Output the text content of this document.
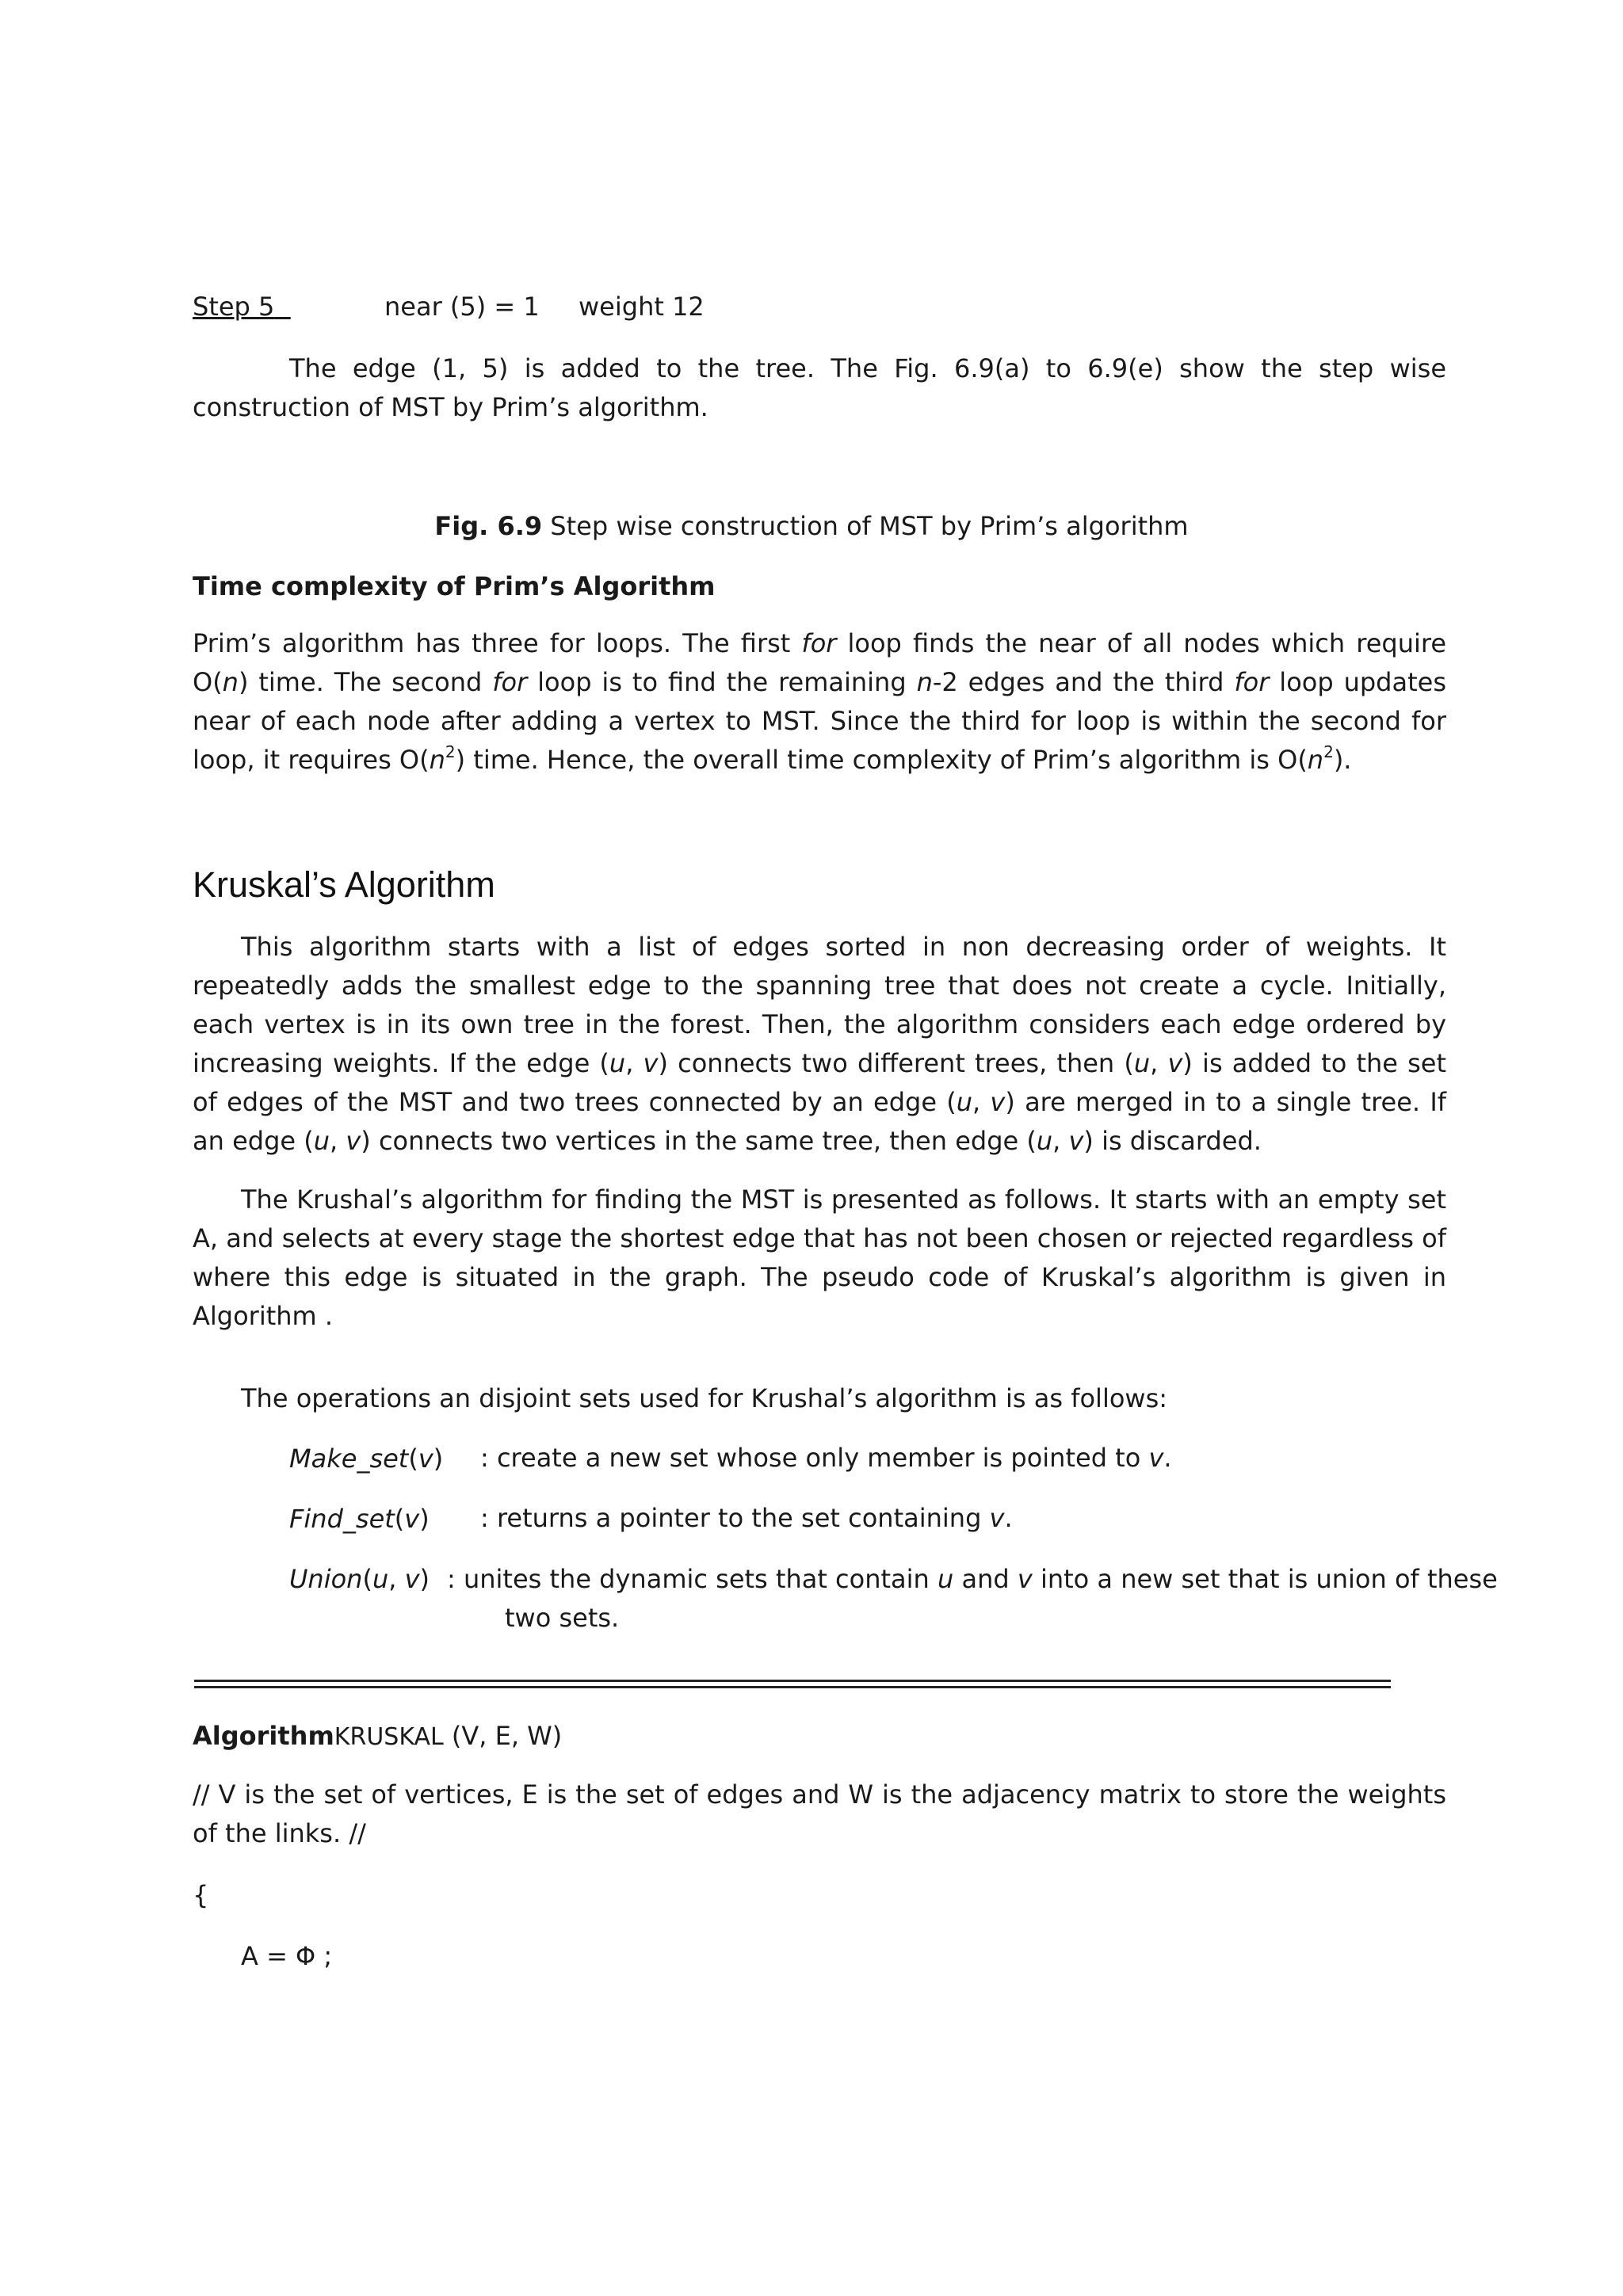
Step 5	near (5) = 1 weight 12
The edge (1, 5) is added to the tree. The Fig. 6.9(a) to 6.9(e) show the step wise construction of MST by Prim’s algorithm.
Fig. 6.9 Step wise construction of MST by Prim’s algorithm
Time complexity of Prim’s Algorithm
Prim’s algorithm has three for loops. The first for loop finds the near of all nodes which require O(n) time. The second for loop is to find the remaining n-2 edges and the third for loop updates near of each node after adding a vertex to MST. Since the third for loop is within the second for loop, it requires $O(n^2)$ time. Hence, the overall time complexity of Prim’s algorithm is $O(n^2)$.
Kruskal’s Algorithm
This algorithm starts with a list of edges sorted in non decreasing order of weights. It repeatedly adds the smallest edge to the spanning tree that does not create a cycle. Initially, each vertex is in its own tree in the forest. Then, the algorithm considers each edge ordered by increasing weights. If the edge (u, v) connects two different trees, then (u, v) is added to the set of edges of the MST and two trees connected by an edge (u, v) are merged in to a single tree. If an edge (u, v) connects two vertices in the same tree, then edge (u, v) is discarded.
The Krushal’s algorithm for finding the MST is presented as follows. It starts with an empty set A, and selects at every stage the shortest edge that has not been chosen or rejected regardless of where this edge is situated in the graph. The pseudo code of Kruskal’s algorithm is given in Algorithm .
The operations an disjoint sets used for Krushal’s algorithm is as follows:
Make_set(v) : create a new set whose only member is pointed to v.
Find_set(v) : returns a pointer to the set containing v.
Union(u, v) : unites the dynamic sets that contain u and v into a new set that is union of these
two sets.
AlgorithmKRUSKAL (V, E, W)
// V is the set of vertices, E is the set of edges and W is the adjacency matrix to store the weights of the links. //
{
A = Φ ;
